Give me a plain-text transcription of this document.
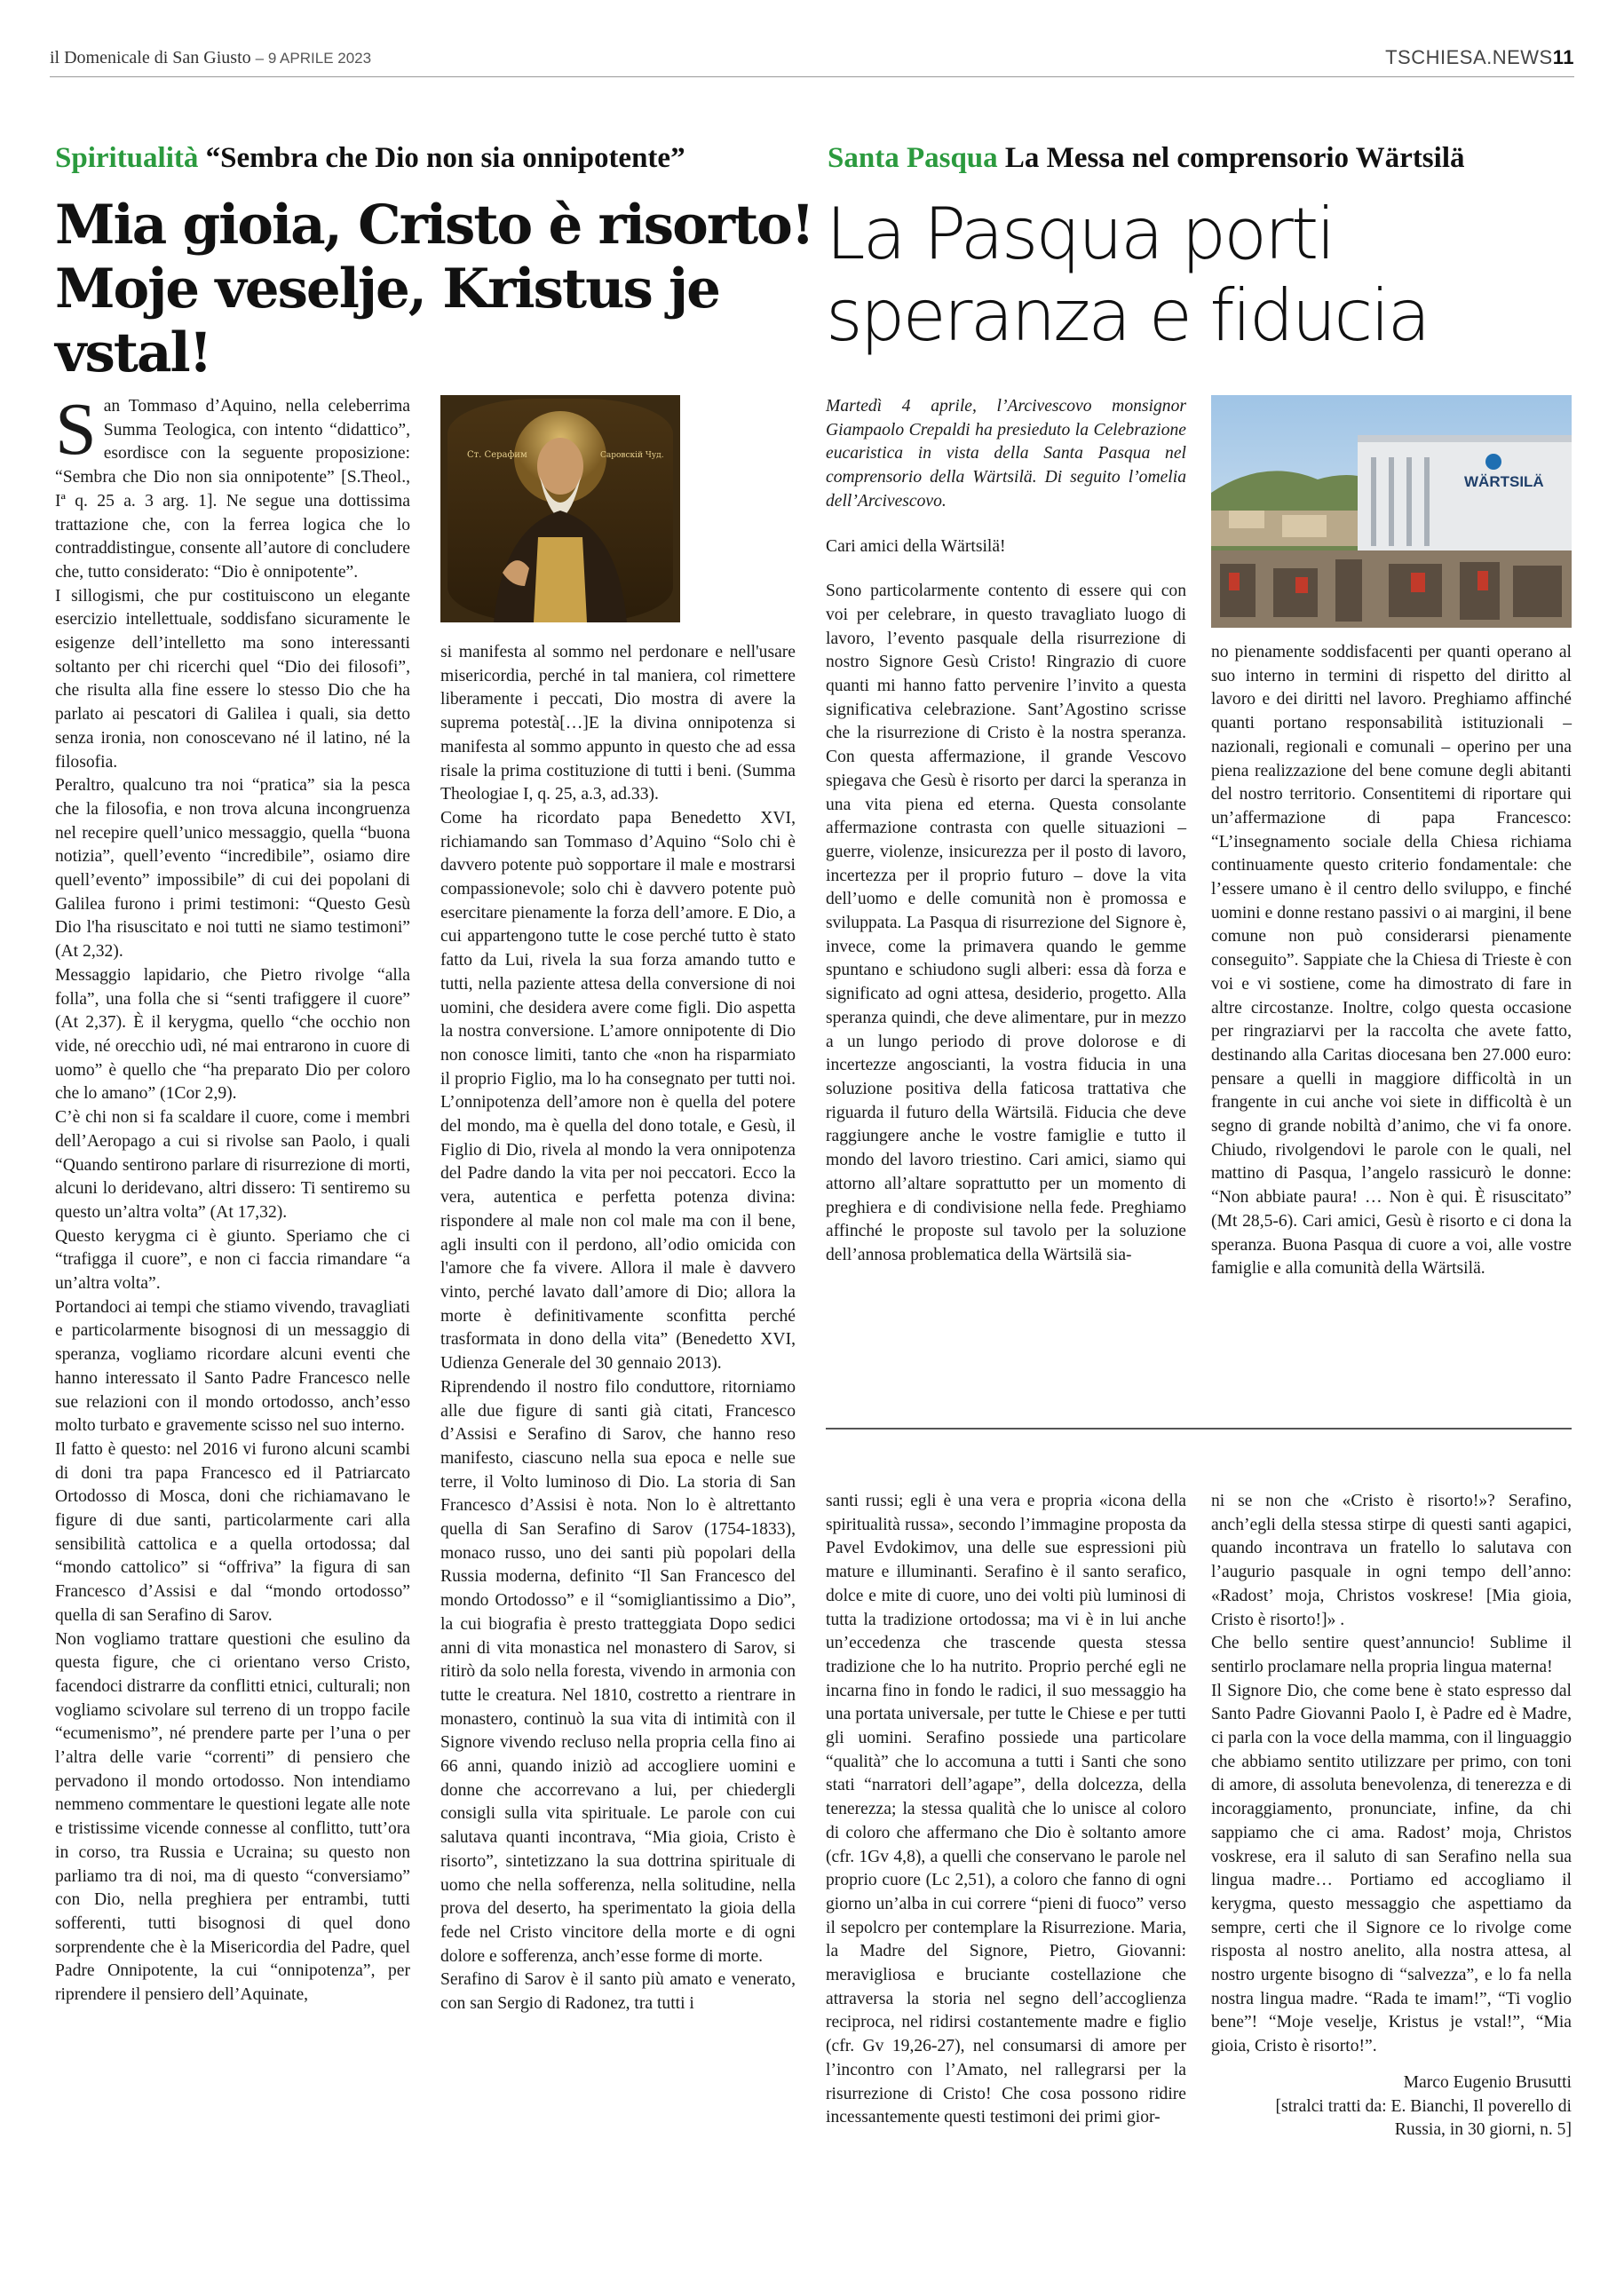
il Domenicale di San Giusto – 9 APRILE 2023	TSCHIESA.NEWS11
Spiritualità “Sembra che Dio non sia onnipotente”
Mia gioia, Cristo è risorto!
Moje veselje, Kristus je vstal!
Santa Pasqua La Messa nel comprensorio Wärtsilä
La Pasqua porti
speranza e fiducia

San Tommaso d’Aquino, nella celeberrima Summa Teologica, con intento “didattico”, esordisce con la seguente proposizione: “Sembra che Dio non sia onnipotente” [S.Theol., Iª q. 25 a. 3 arg. 1]. Ne segue una dottissima trattazione che, con la ferrea logica che lo contraddistingue, consente all’autore di concludere che, tutto considerato: “Dio è onnipotente”.

I sillogismi, che pur costituiscono un elegante esercizio intellettuale, soddisfano sicuramente le esigenze dell’intelletto ma sono interessanti soltanto per chi ricerchi quel “Dio dei filosofi”, che risulta alla fine essere lo stesso Dio che ha parlato ai pescatori di Galilea i quali, sia detto senza ironia, non conoscevano né il latino, né la filosofia.

Peraltro, qualcuno tra noi “pratica” sia la pesca che la filosofia, e non trova alcuna incongruenza nel recepire quell’unico messaggio, quella “buona notizia”, quell’evento “incredibile”, osiamo dire quell’evento” impossibile” di cui dei popolani di Galilea furono i primi testimoni: “Questo Gesù Dio l'ha risuscitato e noi tutti ne siamo testimoni” (At 2,32).

Messaggio lapidario, che Pietro rivolge “alla folla”, una folla che si “senti trafiggere il cuore” (At 2,37). È il kerygma, quello “che occhio non vide, né orecchio udì, né mai entrarono in cuore di uomo” è quello che “ha preparato Dio per coloro che lo amano” (1Cor 2,9).

C’è chi non si fa scaldare il cuore, come i membri dell’Aeropago a cui si rivolse san Paolo, i quali “Quando sentirono parlare di risurrezione di morti, alcuni lo deridevano, altri dissero: Ti sentiremo su questo un’altra volta” (At 17,32).

Questo kerygma ci è giunto. Speriamo che ci “trafigga il cuore”, e non ci faccia rimandare “a un’altra volta”.

Portandoci ai tempi che stiamo vivendo, travagliati e particolarmente bisognosi di un messaggio di speranza, vogliamo ricordare alcuni eventi che hanno interessato il Santo Padre Francesco nelle sue relazioni con il mondo ortodosso, anch’esso molto turbato e gravemente scisso nel suo interno.

Il fatto è questo: nel 2016 vi furono alcuni scambi di doni tra papa Francesco ed il Patriarcato Ortodosso di Mosca, doni che richiamavano le figure di due santi, particolarmente cari alla sensibilità cattolica e a quella ortodossa; dal “mondo cattolico” si “offriva” la figura di san Francesco d’Assisi e dal “mondo ortodosso” quella di san Serafino di Sarov.

Non vogliamo trattare questioni che esulino da questa figure, che ci orientano verso Cristo, facendoci distrarre da conflitti etnici, culturali; non vogliamo scivolare sul terreno di un troppo facile “ecumenismo”, né prendere parte per l’una o per l’altra delle varie “correnti” di pensiero che pervadono il mondo ortodosso. Non intendiamo nemmeno commentare le questioni legate alle note e tristissime vicende connesse al conflitto, tutt’ora in corso, tra Russia e Ucraina; su questo non parliamo tra di noi, ma di questo “conversiamo” con Dio, nella preghiera per entrambi, tutti sofferenti, tutti bisognosi di quel dono sorprendente che è la Misericordia del Padre, quel Padre Onnipotente, la cui “onnipotenza”, per riprendere il pensiero dell’Aquinate,

Ст. Серафим	Саровскій Чуд.

si manifesta al sommo nel perdonare e nell'usare misericordia, perché in tal maniera, col rimettere liberamente i peccati, Dio mostra di avere la suprema potestà[…]E la divina onnipotenza si manifesta al sommo appunto in questo che ad essa risale la prima costituzione di tutti i beni. (Summa Theologiae I, q. 25, a.3, ad.33).

Come ha ricordato papa Benedetto XVI, richiamando san Tommaso d’Aquino “Solo chi è davvero potente può sopportare il male e mostrarsi compassionevole; solo chi è davvero potente può esercitare pienamente la forza dell’amore. E Dio, a cui appartengono tutte le cose perché tutto è stato fatto da Lui, rivela la sua forza amando tutto e tutti, nella paziente attesa della conversione di noi uomini, che desidera avere come figli. Dio aspetta la nostra conversione. L’amore onnipotente di Dio non conosce limiti, tanto che «non ha risparmiato il proprio Figlio, ma lo ha consegnato per tutti noi. L’onnipotenza dell’amore non è quella del potere del mondo, ma è quella del dono totale, e Gesù, il Figlio di Dio, rivela al mondo la vera onnipotenza del Padre dando la vita per noi peccatori. Ecco la vera, autentica e perfetta potenza divina: rispondere al male non col male ma con il bene, agli insulti con il perdono, all’odio omicida con l'amore che fa vivere. Allora il male è davvero vinto, perché lavato dall’amore di Dio; allora la morte è definitivamente sconfitta perché trasformata in dono della vita” (Benedetto XVI, Udienza Generale del 30 gennaio 2013).

Riprendendo il nostro filo conduttore, ritorniamo alle due figure di santi già citati, Francesco d’Assisi e Serafino di Sarov, che hanno reso manifesto, ciascuno nella sua epoca e nelle sue terre, il Volto luminoso di Dio. La storia di San Francesco d’Assisi è nota. Non lo è altrettanto quella di San Serafino di Sarov (1754-1833), monaco russo, uno dei santi più popolari della Russia moderna, definito “Il San Francesco del mondo Ortodosso” e il “somigliantissimo a Dio”, la cui biografia è presto tratteggiata Dopo sedici anni di vita monastica nel monastero di Sarov, si ritirò da solo nella foresta, vivendo in armonia con tutte le creatura. Nel 1810, costretto a rientrare in monastero, continuò la sua vita di intimità con il Signore vivendo recluso nella propria cella fino ai 66 anni, quando iniziò ad accogliere uomini e donne che accorrevano a lui, per chiedergli consigli sulla vita spirituale. Le parole con cui salutava quanti incontrava, “Mia gioia, Cristo è risorto”, sintetizzano la sua dottrina spirituale di uomo che nella sofferenza, nella solitudine, nella prova del deserto, ha sperimentato la gioia della fede nel Cristo vincitore della morte e di ogni dolore e sofferenza, anch’esse forme di morte.

Serafino di Sarov è il santo più amato e venerato, con san Sergio di Radonez, tra tutti i

Martedì 4 aprile, l’Arcivescovo monsignor Giampaolo Crepaldi ha presieduto la Celebrazione eucaristica in vista della Santa Pasqua nel comprensorio della Wärtsilä. Di seguito l’omelia dell’Arcivescovo.

Cari amici della Wärtsilä!

Sono particolarmente contento di essere qui con voi per celebrare, in questo travagliato luogo di lavoro, l’evento pasquale della risurrezione di nostro Signore Gesù Cristo! Ringrazio di cuore quanti mi hanno fatto pervenire l’invito a questa significativa celebrazione. Sant’Agostino scrisse che la risurrezione di Cristo è la nostra speranza. Con questa affermazione, il grande Vescovo spiegava che Gesù è risorto per darci la speranza in una vita piena ed eterna. Questa consolante affermazione contrasta con quelle situazioni – guerre, violenze, insicurezza per il posto di lavoro, incertezza per il proprio futuro – dove la vita dell’uomo e delle comunità non è promossa e sviluppata. La Pasqua di risurrezione del Signore è, invece, come la primavera quando le gemme spuntano e schiudono sugli alberi: essa dà forza e significato ad ogni attesa, desiderio, progetto. Alla speranza quindi, che deve alimentare, pur in mezzo a un lungo periodo di prove dolorose e di incertezze angoscianti, la vostra fiducia in una soluzione positiva della faticosa trattativa che riguarda il futuro della Wärtsilä. Fiducia che deve raggiungere anche le vostre famiglie e tutto il mondo del lavoro triestino. Cari amici, siamo qui attorno all’altare soprattutto per un momento di preghiera e di condivisione nella fede. Preghiamo affinché le proposte sul tavolo per la soluzione dell’annosa problematica della Wärtsilä sia-

WÄRTSILÄ

no pienamente soddisfacenti per quanti operano al suo interno in termini di rispetto del diritto al lavoro e dei diritti nel lavoro. Preghiamo affinché quanti portano responsabilità istituzionali – nazionali, regionali e comunali – operino per una piena realizzazione del bene comune degli abitanti del nostro territorio. Consentitemi di riportare qui un’affermazione di papa Francesco: “L’insegnamento sociale della Chiesa richiama continuamente questo criterio fondamentale: che l’essere umano è il centro dello sviluppo, e finché uomini e donne restano passivi o ai margini, il bene comune non può considerarsi pienamente conseguito”. Sappiate che la Chiesa di Trieste è con voi e vi sostiene, come ha dimostrato di fare in altre circostanze. Inoltre, colgo questa occasione per ringraziarvi per la raccolta che avete fatto, destinando alla Caritas diocesana ben 27.000 euro: pensare a quelli in maggiore difficoltà in un frangente in cui anche voi siete in difficoltà è un segno di grande nobiltà d’animo, che vi fa onore. Chiudo, rivolgendovi le parole con le quali, nel mattino di Pasqua, l’angelo rassicurò le donne: “Non abbiate paura! … Non è qui. È risuscitato” (Mt 28,5-6). Cari amici, Gesù è risorto e ci dona la speranza. Buona Pasqua di cuore a voi, alle vostre famiglie e alla comunità della Wärtsilä.

santi russi; egli è una vera e propria «icona della spiritualità russa», secondo l’immagine proposta da Pavel Evdokimov, una delle sue espressioni più mature e illuminanti. Serafino è il santo serafico, dolce e mite di cuore, uno dei volti più luminosi di tutta la tradizione ortodossa; ma vi è in lui anche un’eccedenza che trascende questa stessa tradizione che lo ha nutrito. Proprio perché egli ne incarna fino in fondo le radici, il suo messaggio ha una portata universale, per tutte le Chiese e per tutti gli uomini. Serafino possiede una particolare “qualità” che lo accomuna a tutti i Santi che sono stati “narratori dell’agape”, della dolcezza, della tenerezza; la stessa qualità che lo unisce al coloro di coloro che affermano che Dio è soltanto amore (cfr. 1Gv 4,8), a quelli che conservano le parole nel proprio cuore (Lc 2,51), a coloro che fanno di ogni giorno un’alba in cui correre “pieni di fuoco” verso il sepolcro per contemplare la Risurrezione. Maria, la Madre del Signore, Pietro, Giovanni: meravigliosa e bruciante costellazione che attraversa la storia nel segno dell’accoglienza reciproca, nel ridirsi costantemente madre e figlio (cfr. Gv 19,26-27), nel consumarsi di amore per l’incontro con l’Amato, nel rallegrarsi per la risurrezione di Cristo! Che cosa possono ridire incessantemente questi testimoni dei primi gior-

ni se non che «Cristo è risorto!»? Serafino, anch’egli della stessa stirpe di questi santi agapici, quando incontrava un fratello lo salutava con l’augurio pasquale in ogni tempo dell’anno: «Radost’ moja, Christos voskrese! [Mia gioia, Cristo è risorto!]» .

Che bello sentire quest’annuncio! Sublime il sentirlo proclamare nella propria lingua materna!

Il Signore Dio, che come bene è stato espresso dal Santo Padre Giovanni Paolo I, è Padre ed è Madre, ci parla con la voce della mamma, con il linguaggio che abbiamo sentito utilizzare per primo, con toni di amore, di assoluta benevolenza, di tenerezza e di incoraggiamento, pronunciate, infine, da chi sappiamo che ci ama. Radost’ moja, Christos voskrese, era il saluto di san Serafino nella sua lingua madre… Portiamo ed accogliamo il kerygma, questo messaggio che aspettiamo da sempre, certi che il Signore ce lo rivolge come risposta al nostro anelito, alla nostra attesa, al nostro urgente bisogno di “salvezza”, e lo fa nella nostra lingua madre. “Rada te imam!”, “Ti voglio bene”! “Moje veselje, Kristus je vstal!”, “Mia gioia, Cristo è risorto!”.

Marco Eugenio Brusutti

[stralci tratti da: E. Bianchi, Il poverello di

Russia, in 30 giorni, n. 5]
